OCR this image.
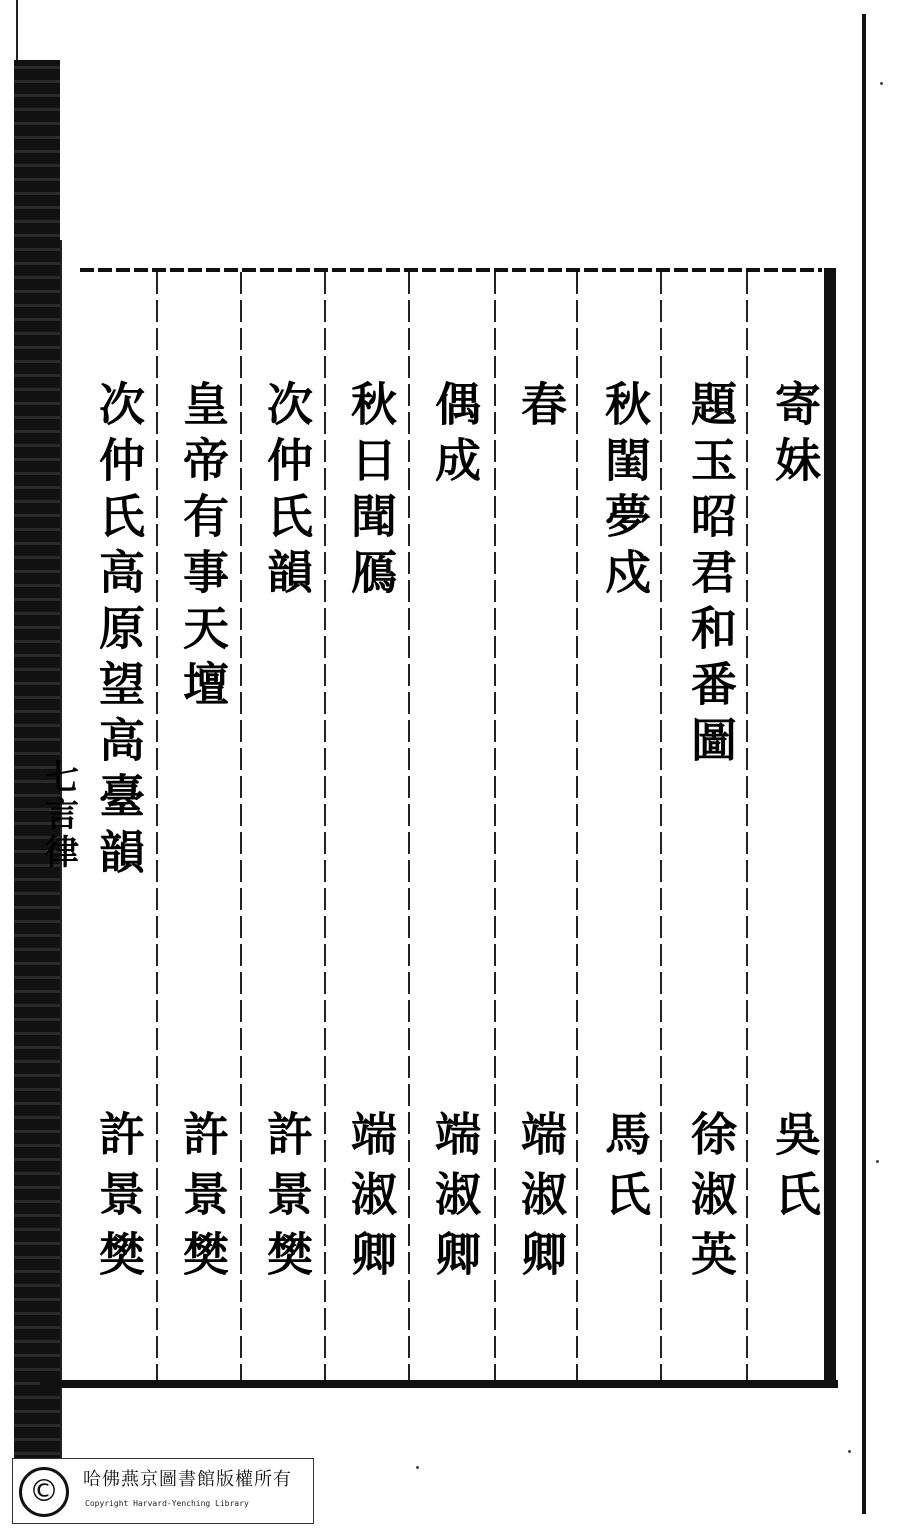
七
言
律
寄妹
吳氏
題玉昭君和番圖
徐淑英
秋閨夢戍
馬氏
春
端淑卿
偶成
端淑卿
秋日聞鴈
端淑卿
次仲氏韻
許景樊
皇帝有事天壇
許景樊
次仲氏高原望高臺韻
許景樊
©	哈佛燕京圖書館版權所有
Copyright Harvard-Yenching Library
